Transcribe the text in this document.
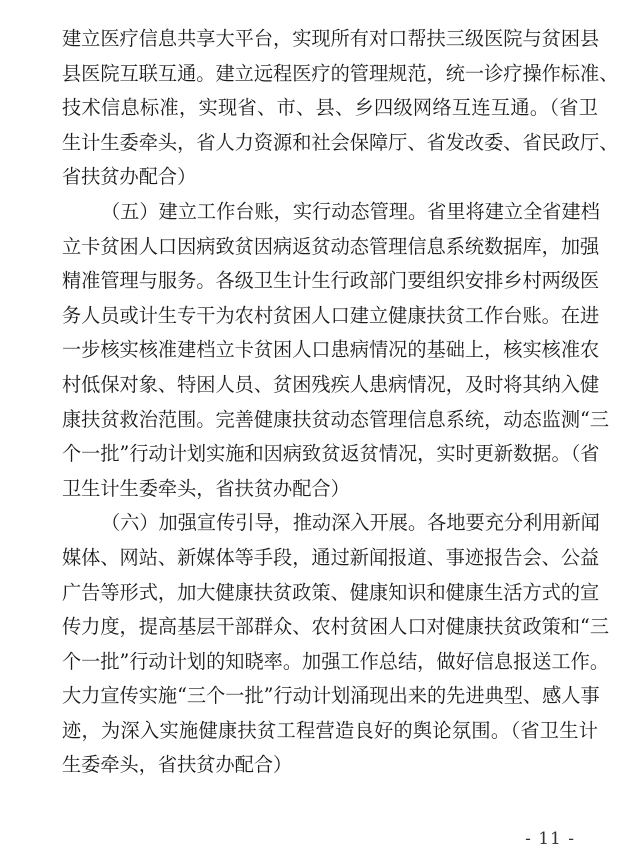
建立医疗信息共享大平台，实现所有对口帮扶三级医院与贫困县
县医院互联互通。建立远程医疗的管理规范，统一诊疗操作标准、
技术信息标准，实现省、市、县、乡四级网络互连互通。（省卫
生计生委牵头，省人力资源和社会保障厅、省发改委、省民政厅、
省扶贫办配合）
（五）建立工作台账，实行动态管理。省里将建立全省建档
立卡贫困人口因病致贫因病返贫动态管理信息系统数据库，加强
精准管理与服务。各级卫生计生行政部门要组织安排乡村两级医
务人员或计生专干为农村贫困人口建立健康扶贫工作台账。在进
一步核实核准建档立卡贫困人口患病情况的基础上，核实核准农
村低保对象、特困人员、贫困残疾人患病情况，及时将其纳入健
康扶贫救治范围。完善健康扶贫动态管理信息系统，动态监测“三
个一批”行动计划实施和因病致贫返贫情况，实时更新数据。（省
卫生计生委牵头，省扶贫办配合）
（六）加强宣传引导，推动深入开展。各地要充分利用新闻
媒体、网站、新媒体等手段，通过新闻报道、事迹报告会、公益
广告等形式，加大健康扶贫政策、健康知识和健康生活方式的宣
传力度，提高基层干部群众、农村贫困人口对健康扶贫政策和“三
个一批”行动计划的知晓率。加强工作总结，做好信息报送工作。
大力宣传实施“三个一批”行动计划涌现出来的先进典型、感人事
迹，为深入实施健康扶贫工程营造良好的舆论氛围。（省卫生计
生委牵头，省扶贫办配合）
- 11 -
